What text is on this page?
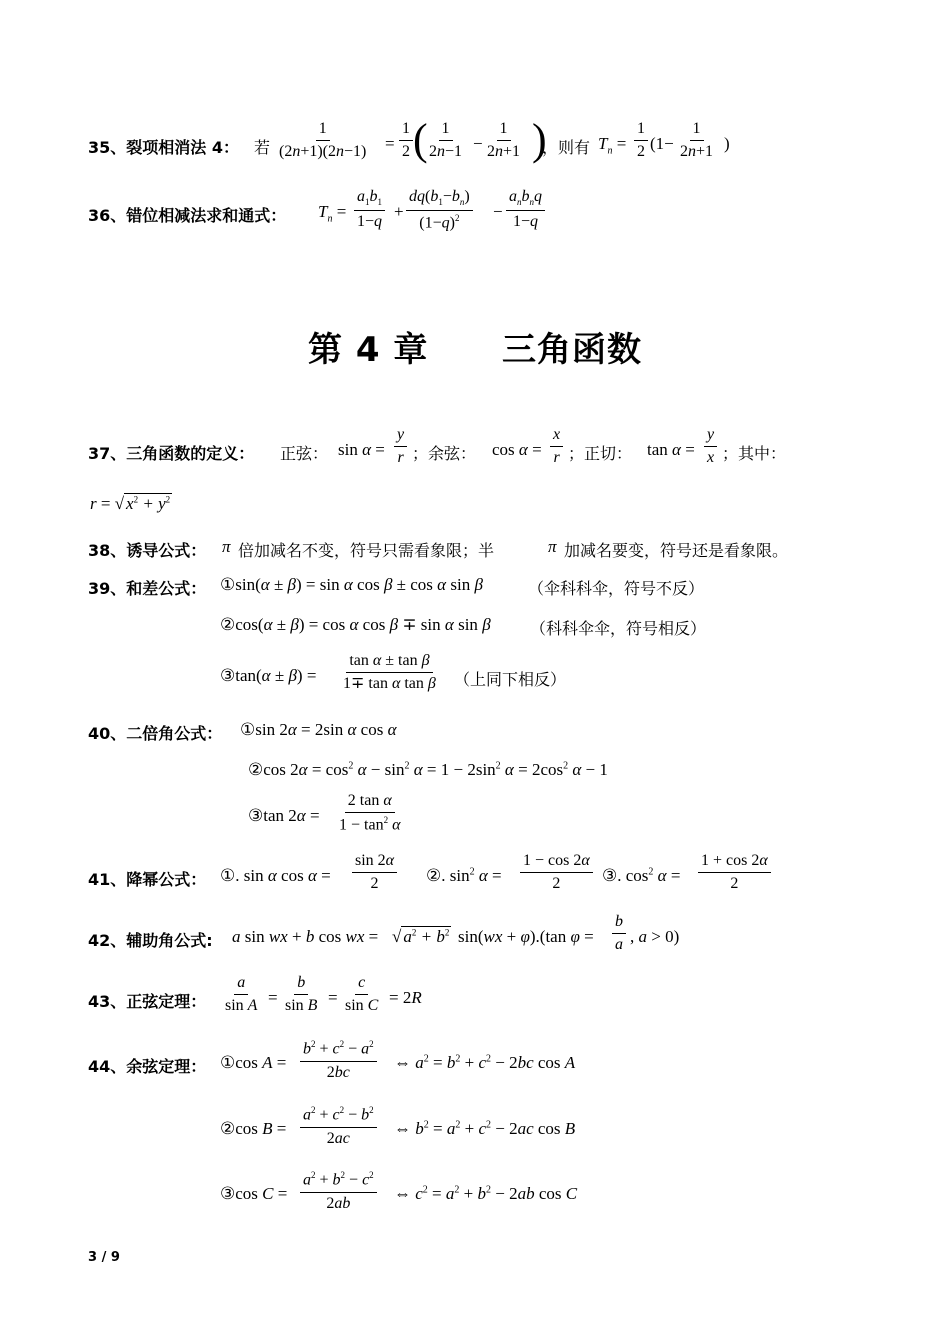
35、裂项相消法 4： 若 $\frac{1}{(2n+1)(2n-1)} = \frac{1}{2}$ (
$\frac{1}{2n-1} - \frac{1}{2n+1}$ )
，则有 $T_n = \frac{1}{2} (1- \frac{1}{2n+1}$ )
36、错位相减法求和通式： $T_n = \frac{a_1b_1}{1-q} + \frac{dq(b_1-b_n)}{(1-q)^2}$ −
$a_nb_nq$
1−q
第 4 章 三角函数
37、三角函数的定义： 正弦： $\sin \alpha = \frac{y}{r}$ ；余弦： $\cos \alpha = \frac{x}{r}$ ；正切： $\tan \alpha = \frac{y}{x}$ ；其中：
r = √ $x^2 + y^2$
38、诱导公式： π 倍加减名不变，符号只需看象限；半	π 加减名要变，符号还是看象限。
39、和差公式： ①sin(α ± β) = sin α cos β ± cos α sin β	（伞科科伞，符号不反）
②cos(α ± β) = cos α cos β ∓ sin α sin β （科科伞伞，符号相反）
③tan(α ± $\beta) = \frac{\text{tan α ± tan β}}{\text{1∓ tan α tan β}}$ （上同下相反）
40、二倍角公式： ①sin 2α = 2sin α cos α
②cos $2\alpha = \cos^2 \alpha - \sin^2 \alpha = 1 - 2\sin^2$ $\alpha = 2\cos^2$ α − 1
③tan $2\alpha = \frac{\text{2 tan α}}{1 - \tan^2 \alpha}$
41、降幂公式： ①. sin α $\cos \alpha = \frac{\sin 2\alpha}{2}$ ②. $\sin^2 \alpha = \frac{1 - \cos 2\alpha}{2}$ ③. $\cos^2 \alpha = \frac{1 + \cos 2\alpha}{2}$
42、辅助角公式: a sin wx + b cos wx = √ $a^2 + b^2$ sin(wx + φ).(tan $\varphi = \frac{b}{a}$ , a > 0)
43、正弦定理： $\frac{a}{\text{sin A}} = \frac{b}{\text{sin B}} = \frac{c}{\text{sin C}} = 2R$
44、余弦定理： ①cos $A = \frac{b^2 + c^2 - a^2}{2bc}$ ⇔ $a^2 = b^2 + c^2 - 2bc$ cos A
②cos $B = \frac{a^2 + c^2 - b^2}{2ac}$ ⇔ $b^2 = a^2 + c^2 - 2ac$ cos B
③cos $C = \frac{a^2 + b^2 - c^2}{2ab}$ ⇔ $c^2 = a^2 + b^2 - 2ab$ cos C
3 / 9
